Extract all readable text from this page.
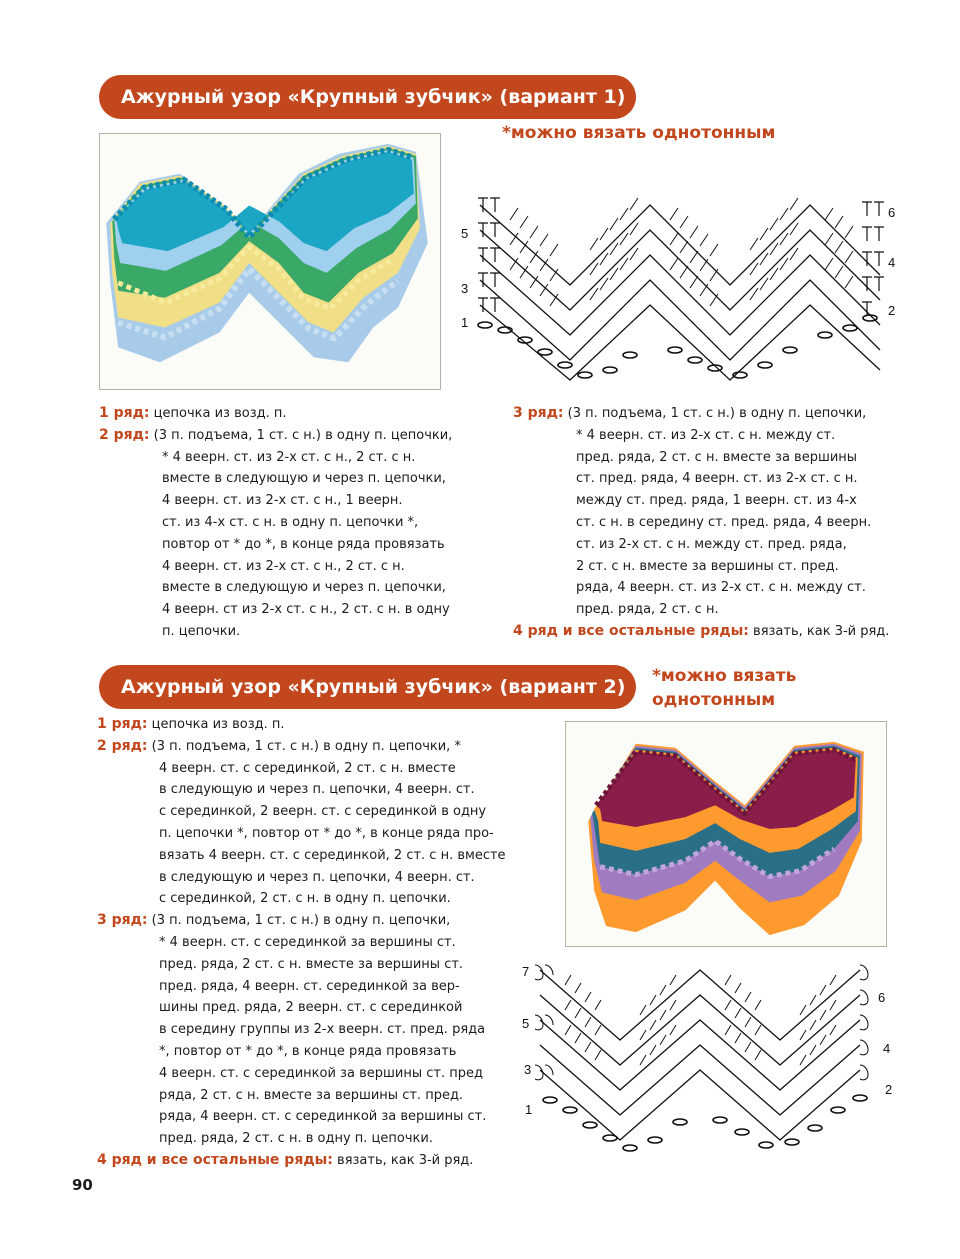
Ажурный узор «Крупный зубчик» (вариант 1)
*можно вязать однотонным
6
5
4
3
2
1
1 ряд: цепочка из возд. п.
2 ряд: (3 п. подъема, 1 ст. с н.) в одну п. цепочки,
* 4 веерн. ст. из 2-х ст. с н., 2 ст. с н.
вместе в следующую и через п. цепочки,
4 веерн. ст. из 2-х ст. с н., 1 веерн.
ст. из 4-х ст. с н. в одну п. цепочки *,
повтор от * до *, в конце ряда провязать
4 веерн. ст. из 2-х ст. с н., 2 ст. с н.
вместе в следующую и через п. цепочки,
4 веерн. ст из 2-х ст. с н., 2 ст. с н. в одну
п. цепочки.
3 ряд: (3 п. подъема, 1 ст. с н.) в одну п. цепочки,
* 4 веерн. ст. из 2-х ст. с н. между ст.
пред. ряда, 2 ст. с н. вместе за вершины
ст. пред. ряда, 4 веерн. ст. из 2-х ст. с н.
между ст. пред. ряда, 1 веерн. ст. из 4-х
ст. с н. в середину ст. пред. ряда, 4 веерн.
ст. из 2-х ст. с н. между ст. пред. ряда,
2 ст. с н. вместе за вершины ст. пред.
ряда, 4 веерн. ст. из 2-х ст. с н. между ст.
пред. ряда, 2 ст. с н.
4 ряд и все остальные ряды: вязать, как 3-й ряд.
Ажурный узор «Крупный зубчик» (вариант 2)	*можно вязать
однотонным
7
6
5
4
3
2
1
1 ряд: цепочка из возд. п.
2 ряд: (3 п. подъема, 1 ст. с н.) в одну п. цепочки, *
4 веерн. ст. с серединкой, 2 ст. с н. вместе
в следующую и через п. цепочки, 4 веерн. ст.
с серединкой, 2 веерн. ст. с серединкой в одну
п. цепочки *, повтор от * до *, в конце ряда про-
вязать 4 веерн. ст. с серединкой, 2 ст. с н. вместе
в следующую и через п. цепочки, 4 веерн. ст.
с серединкой, 2 ст. с н. в одну п. цепочки.
3 ряд: (3 п. подъема, 1 ст. с н.) в одну п. цепочки,
* 4 веерн. ст. с серединкой за вершины ст.
пред. ряда, 2 ст. с н. вместе за вершины ст.
пред. ряда, 4 веерн. ст. серединкой за вер-
шины пред. ряда, 2 веерн. ст. с серединкой
в середину группы из 2-х веерн. ст. пред. ряда
*, повтор от * до *, в конце ряда провязать
4 веерн. ст. с серединкой за вершины ст. пред
ряда, 2 ст. с н. вместе за вершины ст. пред.
ряда, 4 веерн. ст. с серединкой за вершины ст.
пред. ряда, 2 ст. с н. в одну п. цепочки.
4 ряд и все остальные ряды: вязать, как 3-й ряд.
90
